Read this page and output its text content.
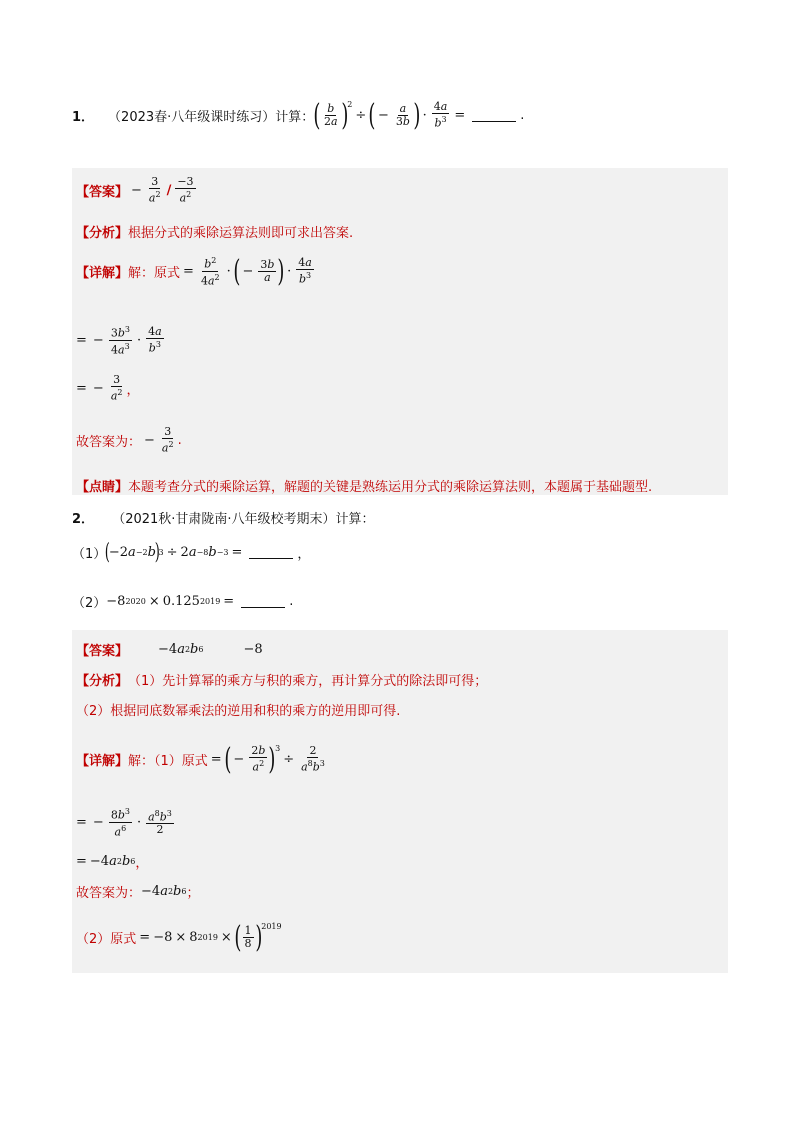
1． （2023春·八年级课时练习）计算： ( $\frac{b}{2a} )^2$
÷ ( − $\frac{a}{3b}$ ) · $\frac{4a}{b^3}$ =	.
【答案】 − $\frac{3}{a^2} / \frac{-3}{a^2}$
【分析】 根据分式的乘除运算法则即可求出答案.
【详解】 解：原式 = $\frac{b^2}{4a^2}$ · ( − $\frac{3b}{a}$ ) · $\frac{4a}{b^3}$
= − $\frac{3b^3}{4a^3} \cdot \frac{4a}{b^3}$
= − $\frac{3}{a^2}$ ，
故答案为： − $\frac{3}{a^2}$ .
【点睛】 本题考查分式的乘除运算，解题的关键是熟练运用分式的乘除运算法则，本题属于基础题型.
2． （2021秋·甘肃陇南·八年级校考期末）计算：
（1）
(
−2 a −2 b
)
3 ÷ 2 a −8 b −3 =	，
（2） −8 2020 × 0.125 2019 =	.
【答案】 −4 a 2 b 6	−8
【分析】 （1）先计算幂的乘方与积的乘方，再计算分式的除法即可得；
（2）根据同底数幂乘法的逆用和积的乘方的逆用即可得.
【详解】 解：（1）原式 = ( − $\frac{2b}{a^2} )^3$
÷ $\frac{2}{a^8b^3}$
= − $\frac{8b^3}{a^6} \cdot \frac{a^8b^3}{2}$
= −4 a 2 b 6 ，
故答案为： −4 a 2 b 6 ；
（2）原式 = −8 × 8 2019 × ( $\frac{1}{8} )^{2019}$
